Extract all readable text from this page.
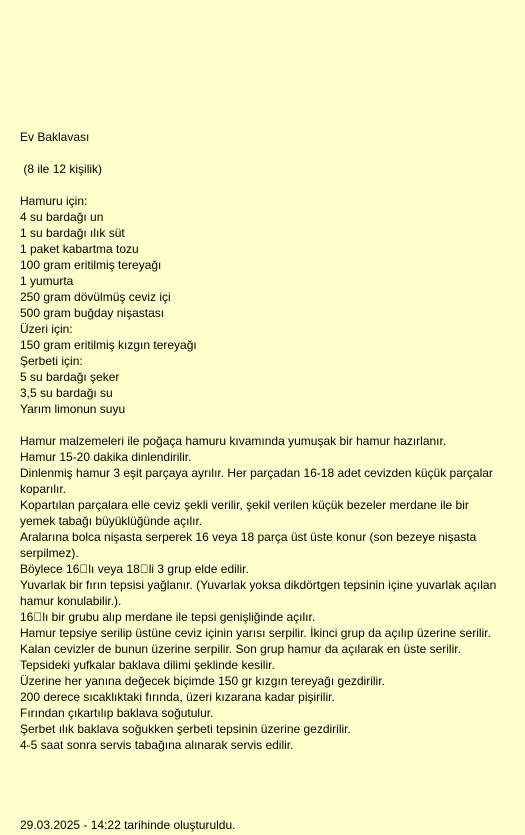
Ev Baklavası
(8 ile 12 kişilik)
Hamuru için:
4 su bardağı un
1 su bardağı ılık süt
1 paket kabartma tozu
100 gram eritilmiş tereyağı
1 yumurta
250 gram dövülmüş ceviz içi
500 gram buğday nişastası
Üzeri için:
150 gram eritilmiş kızgın tereyağı
Şerbeti için:
5 su bardağı şeker
3,5 su bardağı su
Yarım limonun suyu
Hamur malzemeleri ile poğaça hamuru kıvamında yumuşak bir hamur hazırlanır.
Hamur 15-20 dakika dinlendirilir.
Dinlenmiş hamur 3 eşit parçaya ayrılır. Her parçadan 16-18 adet cevizden küçük parçalar koparılır.
Kopartılan parçalara elle ceviz şekli verilir, şekil verilen küçük bezeler merdane ile bir yemek tabağı büyüklüğünde açılır.
Aralarına bolca nişasta serperek 16 veya 18 parça üst üste konur (son bezeye nişasta serpilmez).
Böylece 16 lı veya 18 li 3 grup elde edilir.
Yuvarlak bir fırın tepsisi yağlanır. (Yuvarlak yoksa dikdörtgen tepsinin içine yuvarlak açılan hamur konulabilir.).
16 lı bir grubu alıp merdane ile tepsi genişliğinde açılır.
Hamur tepsiye serilip üstüne ceviz içinin yarısı serpilir. İkinci grup da açılıp üzerine serilir.
Kalan cevizler de bunun üzerine serpilir. Son grup hamur da açılarak en üste serilir.
Tepsideki yufkalar baklava dilimi şeklinde kesilir.
Üzerine her yanına değecek biçimde 150 gr kızgın tereyağı gezdirilir.
200 derece sıcaklıktaki fırında, üzeri kızarana kadar pişirilir.
Fırından çıkartılıp baklava soğutulur.
Şerbet ılık baklava soğukken şerbeti tepsinin üzerine gezdirilir.
4-5 saat sonra servis tabağına alınarak servis edilir.
29.03.2025 - 14:22 tarihinde oluşturuldu.
